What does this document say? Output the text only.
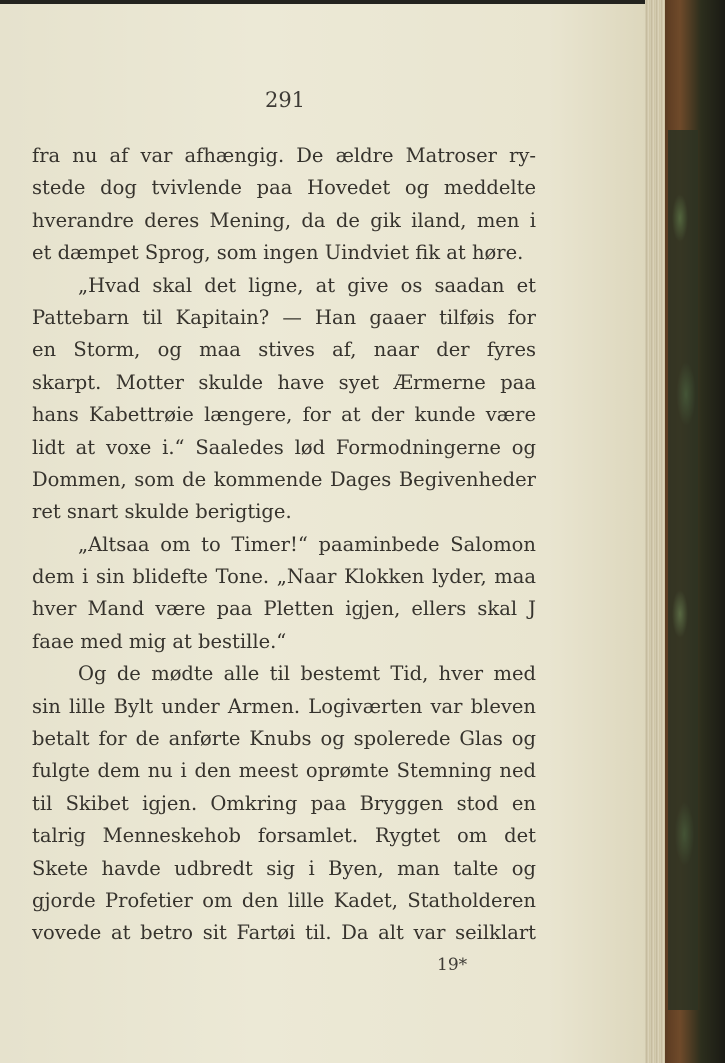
291
fra nu af var afhængig. De ældre Matroser ry-
stede dog tvivlende paa Hovedet og meddelte
hverandre deres Mening, da de gik iland, men i
et dæmpet Sprog, som ingen Uindviet fik at høre.
„Hvad skal det ligne, at give os saadan et
Pattebarn til Kapitain? — Han gaaer tilføis for
en Storm, og maa stives af, naar der fyres
skarpt. Motter skulde have syet Ærmerne paa
hans Kabettrøie længere, for at der kunde være
lidt at voxe i.“ Saaledes lød Formodningerne og
Dommen, som de kommende Dages Begivenheder
ret snart skulde berigtige.
„Altsaa om to Timer!“ paaminbede Salomon
dem i sin blidefte Tone. „Naar Klokken lyder, maa
hver Mand være paa Pletten igjen, ellers skal J
faae med mig at bestille.“
Og de mødte alle til bestemt Tid, hver med
sin lille Bylt under Armen. Logiværten var bleven
betalt for de anførte Knubs og spolerede Glas og
fulgte dem nu i den meest oprømte Stemning ned
til Skibet igjen. Omkring paa Bryggen stod en
talrig Menneskehob forsamlet. Rygtet om det
Skete havde udbredt sig i Byen, man talte og
gjorde Profetier om den lille Kadet, Statholderen
vovede at betro sit Fartøi til. Da alt var seilklart
19*
